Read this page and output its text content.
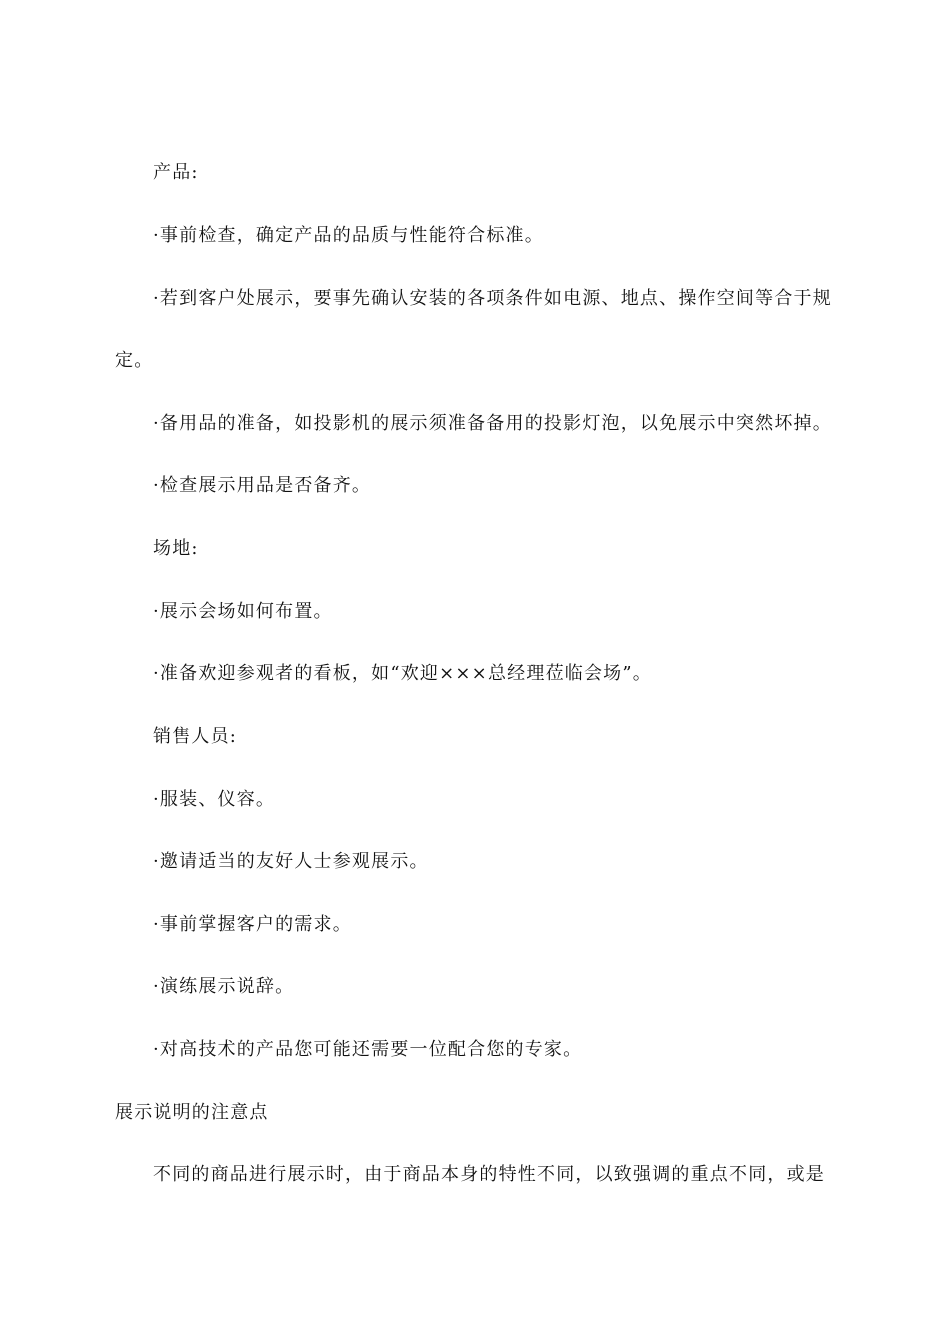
产品:
·事前检查，确定产品的品质与性能符合标准。
·若到客户处展示，要事先确认安装的各项条件如电源、地点、操作空间等合于规
定。
·备用品的准备，如投影机的展示须准备备用的投影灯泡，以免展示中突然坏掉。
·检查展示用品是否备齐。
场地:
·展示会场如何布置。
·准备欢迎参观者的看板，如“欢迎×××总经理莅临会场”。
销售人员:
·服装、仪容。
·邀请适当的友好人士参观展示。
·事前掌握客户的需求。
·演练展示说辞。
·对高技术的产品您可能还需要一位配合您的专家。
展示说明的注意点
不同的商品进行展示时，由于商品本身的特性不同，以致强调的重点不同，或是
